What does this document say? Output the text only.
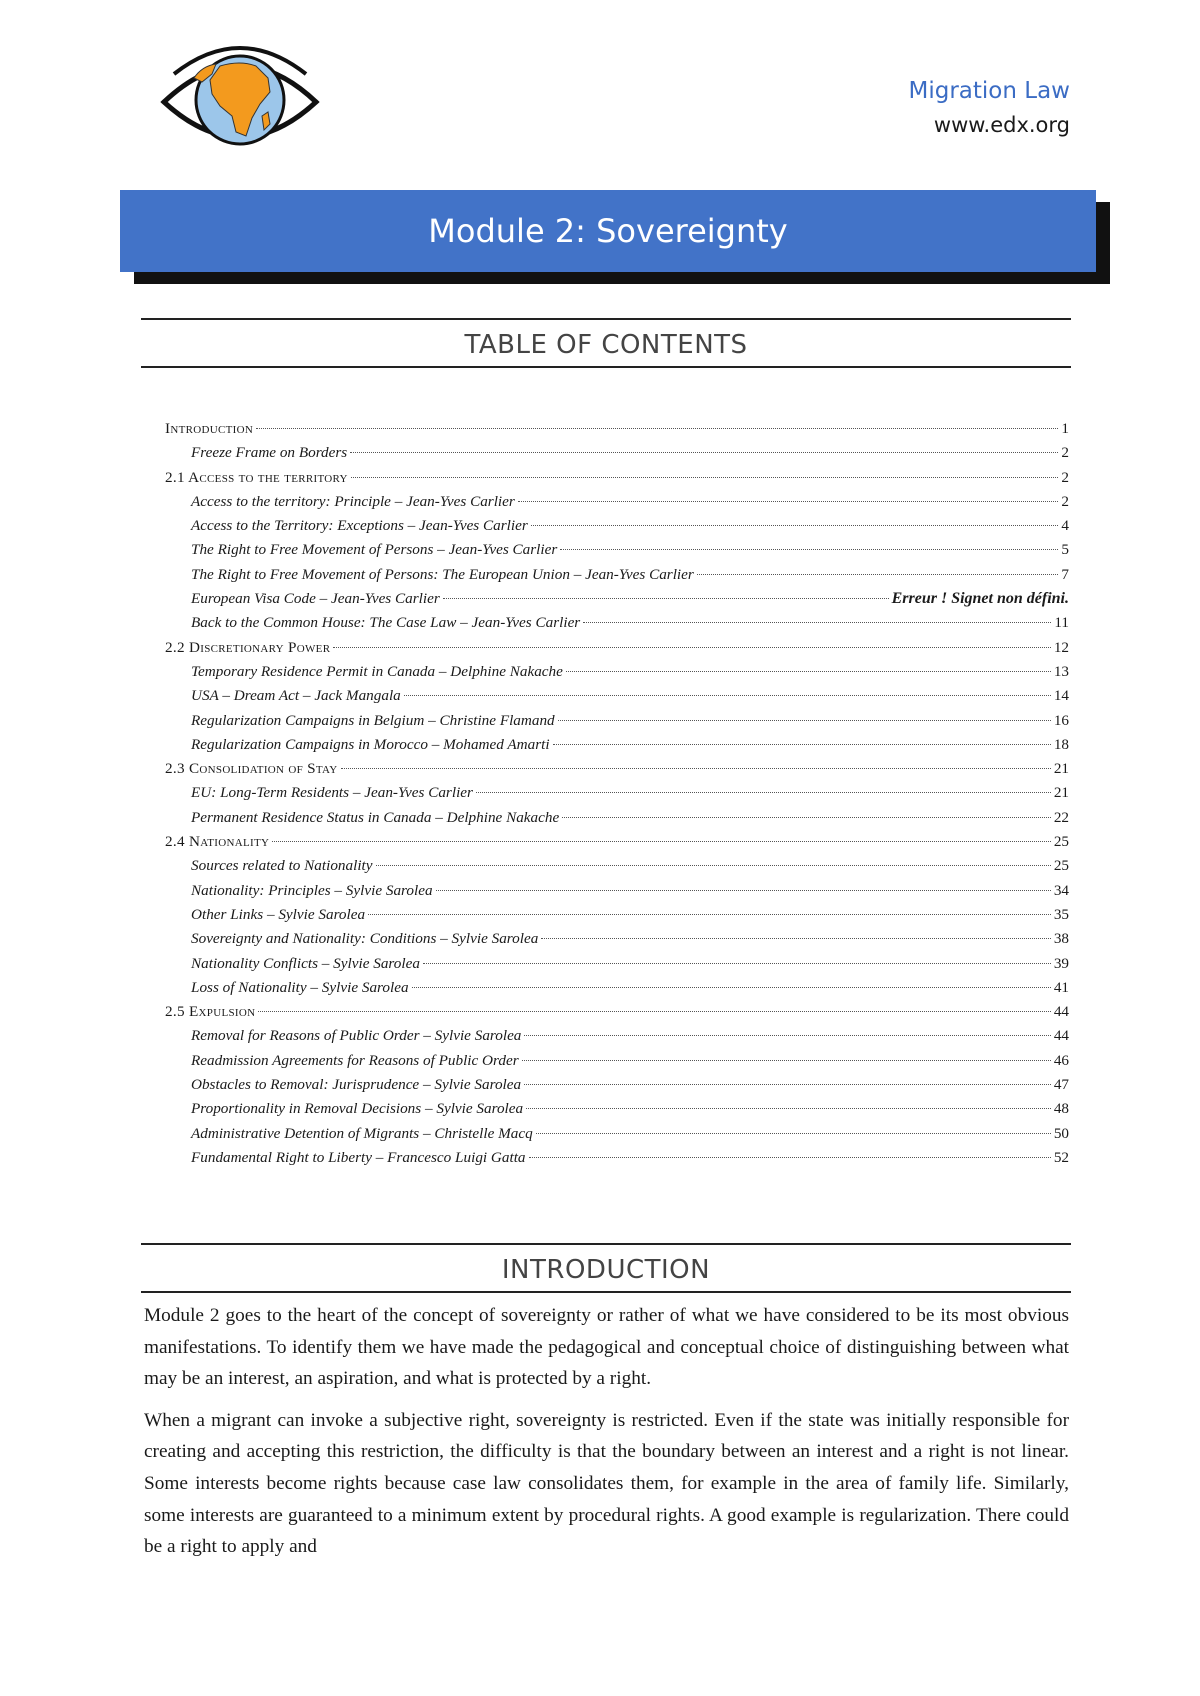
Migration Law
www.edx.org
Module 2: Sovereignty
TABLE OF CONTENTS
Introduction	1
Freeze Frame on Borders	2
2.1 Access to the territory	2
Access to the territory: Principle – Jean-Yves Carlier	2
Access to the Territory: Exceptions – Jean-Yves Carlier	4
The Right to Free Movement of Persons – Jean-Yves Carlier	5
The Right to Free Movement of Persons: The European Union – Jean-Yves Carlier	7
European Visa Code – Jean-Yves Carlier	Erreur ! Signet non défini.
Back to the Common House: The Case Law – Jean-Yves Carlier	11
2.2 Discretionary Power	12
Temporary Residence Permit in Canada – Delphine Nakache	13
USA – Dream Act – Jack Mangala	14
Regularization Campaigns in Belgium – Christine Flamand	16
Regularization Campaigns in Morocco – Mohamed Amarti	18
2.3 Consolidation of Stay	21
EU: Long-Term Residents – Jean-Yves Carlier	21
Permanent Residence Status in Canada – Delphine Nakache	22
2.4 Nationality	25
Sources related to Nationality	25
Nationality: Principles – Sylvie Sarolea	34
Other Links – Sylvie Sarolea	35
Sovereignty and Nationality: Conditions – Sylvie Sarolea	38
Nationality Conflicts – Sylvie Sarolea	39
Loss of Nationality – Sylvie Sarolea	41
2.5 Expulsion	44
Removal for Reasons of Public Order – Sylvie Sarolea	44
Readmission Agreements for Reasons of Public Order	46
Obstacles to Removal: Jurisprudence – Sylvie Sarolea	47
Proportionality in Removal Decisions – Sylvie Sarolea	48
Administrative Detention of Migrants – Christelle Macq	50
Fundamental Right to Liberty – Francesco Luigi Gatta	52
INTRODUCTION

Module 2 goes to the heart of the concept of sovereignty or rather of what we have considered to be its most obvious manifestations. To identify them we have made the pedagogical and conceptual choice of distinguishing between what may be an interest, an aspiration, and what is protected by a right.

When a migrant can invoke a subjective right, sovereignty is restricted. Even if the state was initially responsible for creating and accepting this restriction, the difficulty is that the boundary between an interest and a right is not linear. Some interests become rights because case law consolidates them, for example in the area of family life. Similarly, some interests are guaranteed to a minimum extent by procedural rights. A good example is regularization. There could be a right to apply and
